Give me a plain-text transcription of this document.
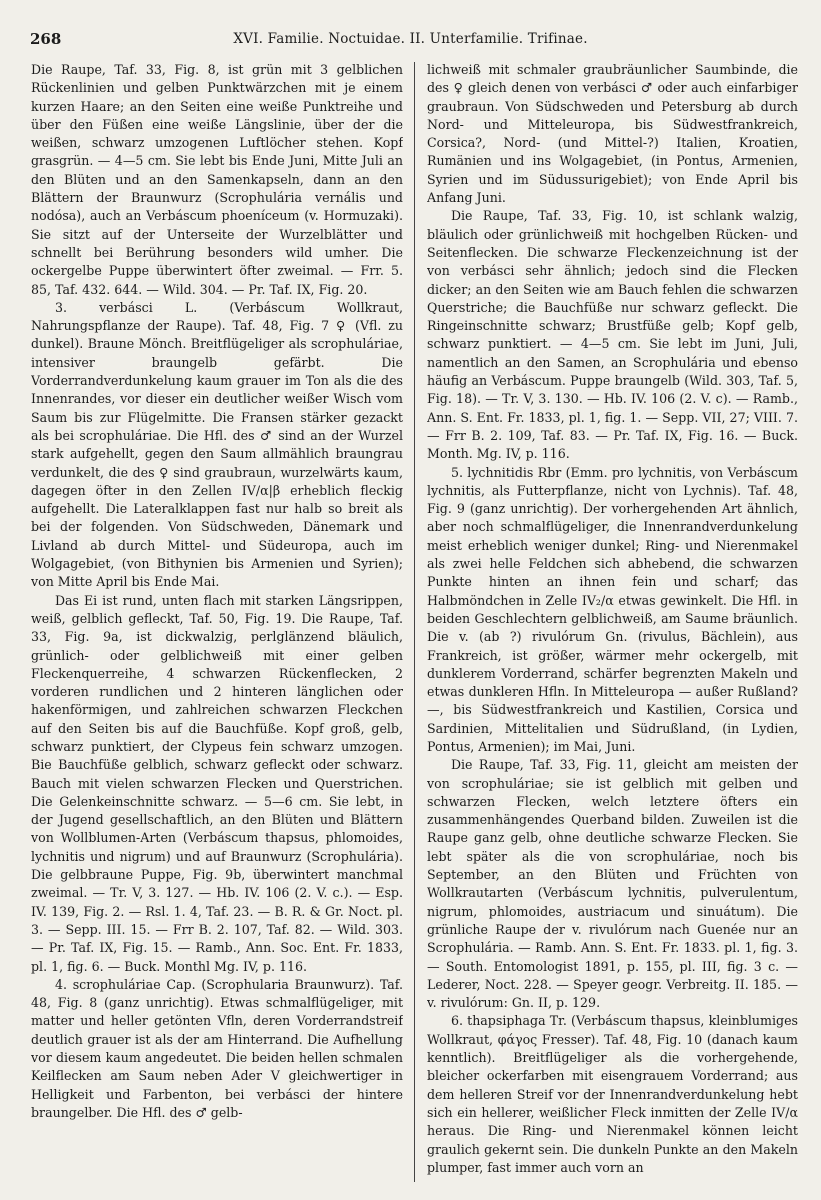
268	XVI. Familie. Noctuidae. II. Unterfamilie. Trifinae.

Die Raupe, Taf. 33, Fig. 8, ist grün mit 3 gelblichen Rückenlinien und gelben Punktwärzchen mit je einem kurzen Haare; an den Seiten eine weiße Punktreihe und über den Füßen eine weiße Längslinie, über der die weißen, schwarz umzogenen Luftlöcher stehen. Kopf grasgrün. — 4—5 cm. Sie lebt bis Ende Juni, Mitte Juli an den Blüten und an den Samenkapseln, dann an den Blättern der Braunwurz (Scrophulária vernális und nodósa), auch an Verbáscum phoeníceum (v. Hormuzaki). Sie sitzt auf der Unterseite der Wurzelblätter und schnellt bei Berührung besonders wild umher. Die ockergelbe Puppe überwintert öfter zweimal. — Frr. 5. 85, Taf. 432. 644. — Wild. 304. — Pr. Taf. IX, Fig. 20.

3. verbásci L. (Verbáscum Wollkraut, Nahrungspflanze der Raupe). Taf. 48, Fig. 7 ♀ (Vfl. zu dunkel). Braune Mönch. Breitflügeliger als scrophuláriae, intensiver braungelb gefärbt. Die Vorderrandverdunkelung kaum grauer im Ton als die des Innenrandes, vor dieser ein deutlicher weißer Wisch vom Saum bis zur Flügelmitte. Die Fransen stärker gezackt als bei scrophuláriae. Die Hfl. des ♂ sind an der Wurzel stark aufgehellt, gegen den Saum allmählich braungrau verdunkelt, die des ♀ sind graubraun, wurzelwärts kaum, dagegen öfter in den Zellen IV/α|β erheblich fleckig aufgehellt. Die Lateralklappen fast nur halb so breit als bei der folgenden. Von Südschweden, Dänemark und Livland ab durch Mittel- und Südeuropa, auch im Wolgagebiet, (von Bithynien bis Armenien und Syrien); von Mitte April bis Ende Mai.

Das Ei ist rund, unten flach mit starken Längsrippen, weiß, gelblich gefleckt, Taf. 50, Fig. 19. Die Raupe, Taf. 33, Fig. 9a, ist dickwalzig, perlglänzend bläulich, grünlich- oder gelblichweiß mit einer gelben Fleckenquerreihe, 4 schwarzen Rückenflecken, 2 vorderen rundlichen und 2 hinteren länglichen oder hakenförmigen, und zahlreichen schwarzen Fleckchen auf den Seiten bis auf die Bauchfüße. Kopf groß, gelb, schwarz punktiert, der Clypeus fein schwarz umzogen. Bie Bauchfüße gelblich, schwarz gefleckt oder schwarz. Bauch mit vielen schwarzen Flecken und Querstrichen. Die Gelenkeinschnitte schwarz. — 5—6 cm. Sie lebt, in der Jugend gesellschaftlich, an den Blüten und Blättern von Wollblumen-Arten (Verbáscum thapsus, phlomoides, lychnitis und nigrum) und auf Braunwurz (Scrophulária). Die gelbbraune Puppe, Fig. 9b, überwintert manchmal zweimal. — Tr. V, 3. 127. — Hb. IV. 106 (2. V. c.). — Esp. IV. 139, Fig. 2. — Rsl. 1. 4, Taf. 23. — B. R. & Gr. Noct. pl. 3. — Sepp. III. 15. — Frr B. 2. 107, Taf. 82. — Wild. 303. — Pr. Taf. IX, Fig. 15. — Ramb., Ann. Soc. Ent. Fr. 1833, pl. 1, fig. 6. — Buck. Monthl Mg. IV, p. 116.

4. scrophuláriae Cap. (Scrophularia Braunwurz). Taf. 48, Fig. 8 (ganz unrichtig). Etwas schmalflügeliger, mit matter und heller getönten Vfln, deren Vorderrandstreif deutlich grauer ist als der am Hinterrand. Die Aufhellung vor diesem kaum angedeutet. Die beiden hellen schmalen Keilflecken am Saum neben Ader V gleichwertiger in Helligkeit und Farbenton, bei verbásci der hintere braungelber. Die Hfl. des ♂ gelb-

lichweiß mit schmaler graubräunlicher Saumbinde, die des ♀ gleich denen von verbásci ♂ oder auch einfarbiger graubraun. Von Südschweden und Petersburg ab durch Nord- und Mitteleuropa, bis Südwestfrankreich, Corsica?, Nord- (und Mittel-?) Italien, Kroatien, Rumänien und ins Wolgagebiet, (in Pontus, Armenien, Syrien und im Südussurigebiet); von Ende April bis Anfang Juni.

Die Raupe, Taf. 33, Fig. 10, ist schlank walzig, bläulich oder grünlichweiß mit hochgelben Rücken- und Seitenflecken. Die schwarze Fleckenzeichnung ist der von verbásci sehr ähnlich; jedoch sind die Flecken dicker; an den Seiten wie am Bauch fehlen die schwarzen Querstriche; die Bauchfüße nur schwarz gefleckt. Die Ringeinschnitte schwarz; Brustfüße gelb; Kopf gelb, schwarz punktiert. — 4—5 cm. Sie lebt im Juni, Juli, namentlich an den Samen, an Scrophulária und ebenso häufig an Verbáscum. Puppe braungelb (Wild. 303, Taf. 5, Fig. 18). — Tr. V, 3. 130. — Hb. IV. 106 (2. V. c). — Ramb., Ann. S. Ent. Fr. 1833, pl. 1, fig. 1. — Sepp. VII, 27; VIII. 7. — Frr B. 2. 109, Taf. 83. — Pr. Taf. IX, Fig. 16. — Buck. Month. Mg. IV, p. 116.

5. lychnitidis Rbr (Emm. pro lychnitis, von Verbáscum lychnitis, als Futterpflanze, nicht von Lychnis). Taf. 48, Fig. 9 (ganz unrichtig). Der vorhergehenden Art ähnlich, aber noch schmalflügeliger, die Innenrandverdunkelung meist erheblich weniger dunkel; Ring- und Nierenmakel als zwei helle Feldchen sich abhebend, die schwarzen Punkte hinten an ihnen fein und scharf; das Halbmöndchen in Zelle IV₂/α etwas gewinkelt. Die Hfl. in beiden Geschlechtern gelblichweiß, am Saume bräunlich. Die v. (ab ?) rivulórum Gn. (rivulus, Bächlein), aus Frankreich, ist größer, wärmer mehr ockergelb, mit dunklerem Vorderrand, schärfer begrenzten Makeln und etwas dunkleren Hfln. In Mitteleuropa — außer Rußland? —, bis Südwestfrankreich und Kastilien, Corsica und Sardinien, Mittelitalien und Südrußland, (in Lydien, Pontus, Armenien); im Mai, Juni.

Die Raupe, Taf. 33, Fig. 11, gleicht am meisten der von scrophuláriae; sie ist gelblich mit gelben und schwarzen Flecken, welch letztere öfters ein zusammenhängendes Querband bilden. Zuweilen ist die Raupe ganz gelb, ohne deutliche schwarze Flecken. Sie lebt später als die von scrophuláriae, noch bis September, an den Blüten und Früchten von Wollkrautarten (Verbáscum lychnitis, pulverulentum, nigrum, phlomoides, austriacum und sinuátum). Die grünliche Raupe der v. rivulórum nach Guenée nur an Scrophulária. — Ramb. Ann. S. Ent. Fr. 1833. pl. 1, fig. 3. — South. Entomologist 1891, p. 155, pl. III, fig. 3 c. — Lederer, Noct. 228. — Speyer geogr. Verbreitg. II. 185. — v. rivulórum: Gn. II, p. 129.

6. thapsiphaga Tr. (Verbáscum thapsus, kleinblumiges Wollkraut, φάγος Fresser). Taf. 48, Fig. 10 (danach kaum kenntlich). Breitflügeliger als die vorhergehende, bleicher ockerfarben mit eisengrauem Vorderrand; aus dem helleren Streif vor der Innenrandverdunkelung hebt sich ein hellerer, weißlicher Fleck inmitten der Zelle IV/α heraus. Die Ring- und Nierenmakel können leicht graulich gekernt sein. Die dunkeln Punkte an den Makeln plumper, fast immer auch vorn an
